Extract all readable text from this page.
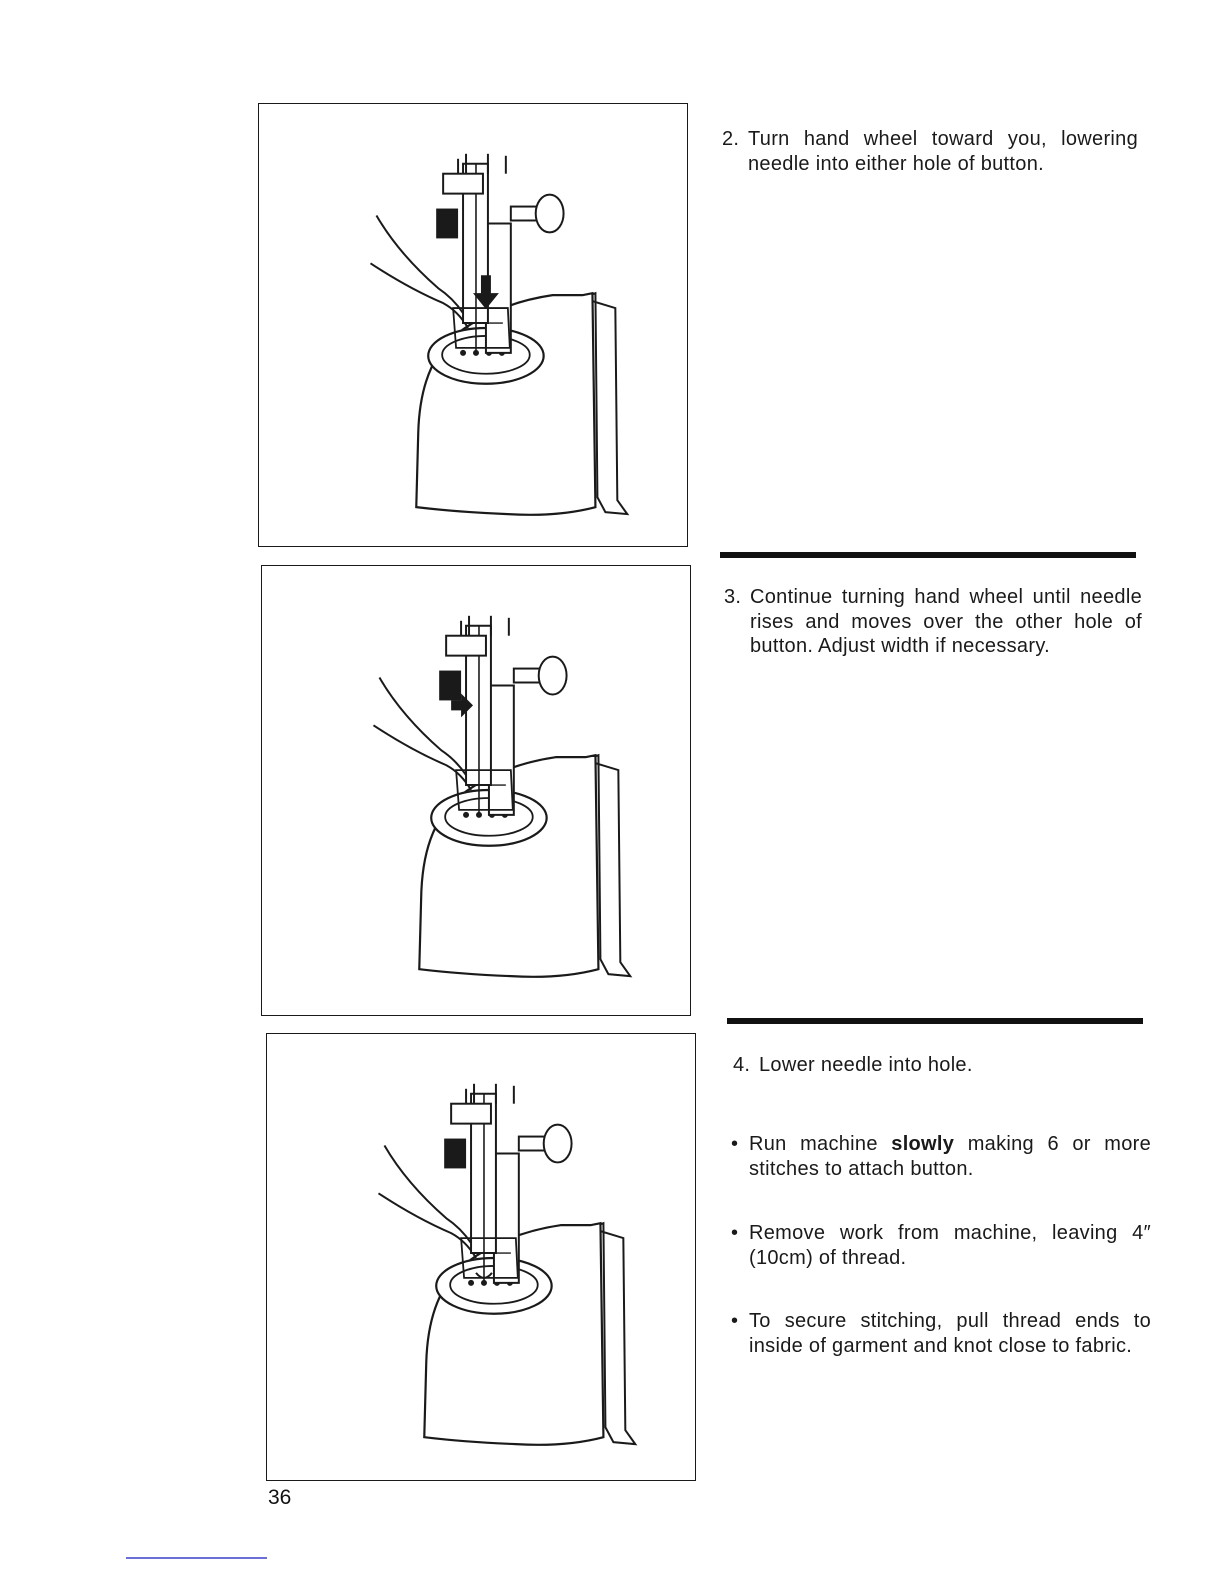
2. Turn hand wheel toward you, lowering needle into either hole of button.
3. Continue turning hand wheel until needle rises and moves over the other hole of button. Adjust width if necessary.
4. Lower needle into hole.
• Run machine slowly making 6 or more stitches to attach button.
• Remove work from machine, leaving 4″ (10cm) of thread.
• To secure stitching, pull thread ends to inside of garment and knot close to fabric.
36
